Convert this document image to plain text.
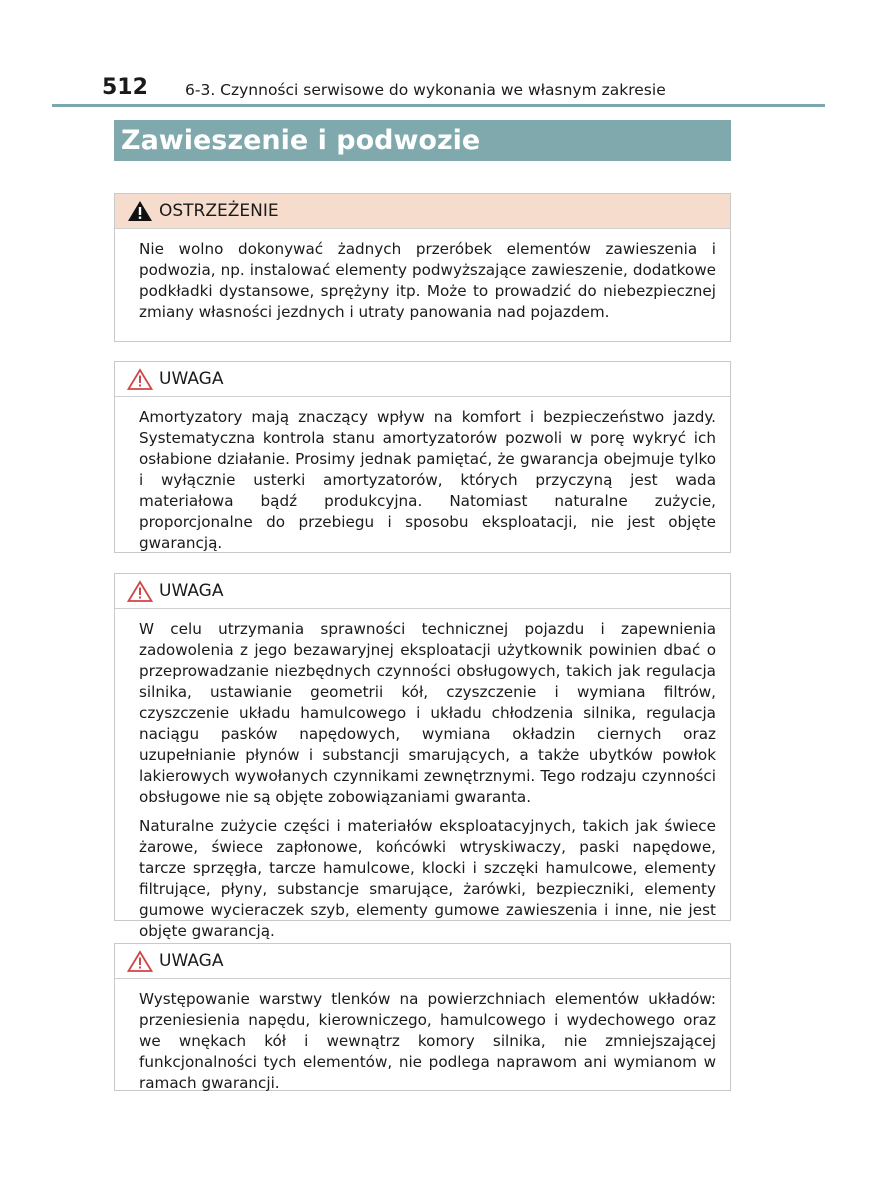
512 6-3. Czynności serwisowe do wykonania we własnym zakresie
Zawieszenie i podwozie
OSTRZEŻENIE

Nie wolno dokonywać żadnych przeróbek elementów zawieszenia i podwozia, np. instalować elementy podwyższające zawieszenie, dodatkowe podkładki dystansowe, sprężyny itp. Może to prowadzić do niebezpiecznej zmiany własności jezdnych i utraty panowania nad pojazdem.

UWAGA

Amortyzatory mają znaczący wpływ na komfort i bezpieczeństwo jazdy. Systematyczna kontrola stanu amortyzatorów pozwoli w porę wykryć ich osłabione działanie. Prosimy jednak pamiętać, że gwarancja obejmuje tylko i wyłącznie usterki amortyzatorów, których przyczyną jest wada materiałowa bądź produkcyjna. Natomiast naturalne zużycie, proporcjonalne do przebiegu i sposobu eksploatacji, nie jest objęte gwarancją.

UWAGA

W celu utrzymania sprawności technicznej pojazdu i zapewnienia zadowolenia z jego bezawaryjnej eksploatacji użytkownik powinien dbać o przeprowadzanie niezbędnych czynności obsługowych, takich jak regulacja silnika, ustawianie geometrii kół, czyszczenie i wymiana filtrów, czyszczenie układu hamulcowego i układu chłodzenia silnika, regulacja naciągu pasków napędowych, wymiana okładzin ciernych oraz uzupełnianie płynów i substancji smarujących, a także ubytków powłok lakierowych wywołanych czynnikami zewnętrznymi. Tego rodzaju czynności obsługowe nie są objęte zobowiązaniami gwaranta.

Naturalne zużycie części i materiałów eksploatacyjnych, takich jak świece żarowe, świece zapłonowe, końcówki wtryskiwaczy, paski napędowe, tarcze sprzęgła, tarcze hamulcowe, klocki i szczęki hamulcowe, elementy filtrujące, płyny, substancje smarujące, żarówki, bezpieczniki, elementy gumowe wycieraczek szyb, elementy gumowe zawieszenia i inne, nie jest objęte gwarancją.

UWAGA

Występowanie warstwy tlenków na powierzchniach elementów układów: przeniesienia napędu, kierowniczego, hamulcowego i wydechowego oraz we wnękach kół i wewnątrz komory silnika, nie zmniejszającej funkcjonalności tych elementów, nie podlega naprawom ani wymianom w ramach gwarancji.
